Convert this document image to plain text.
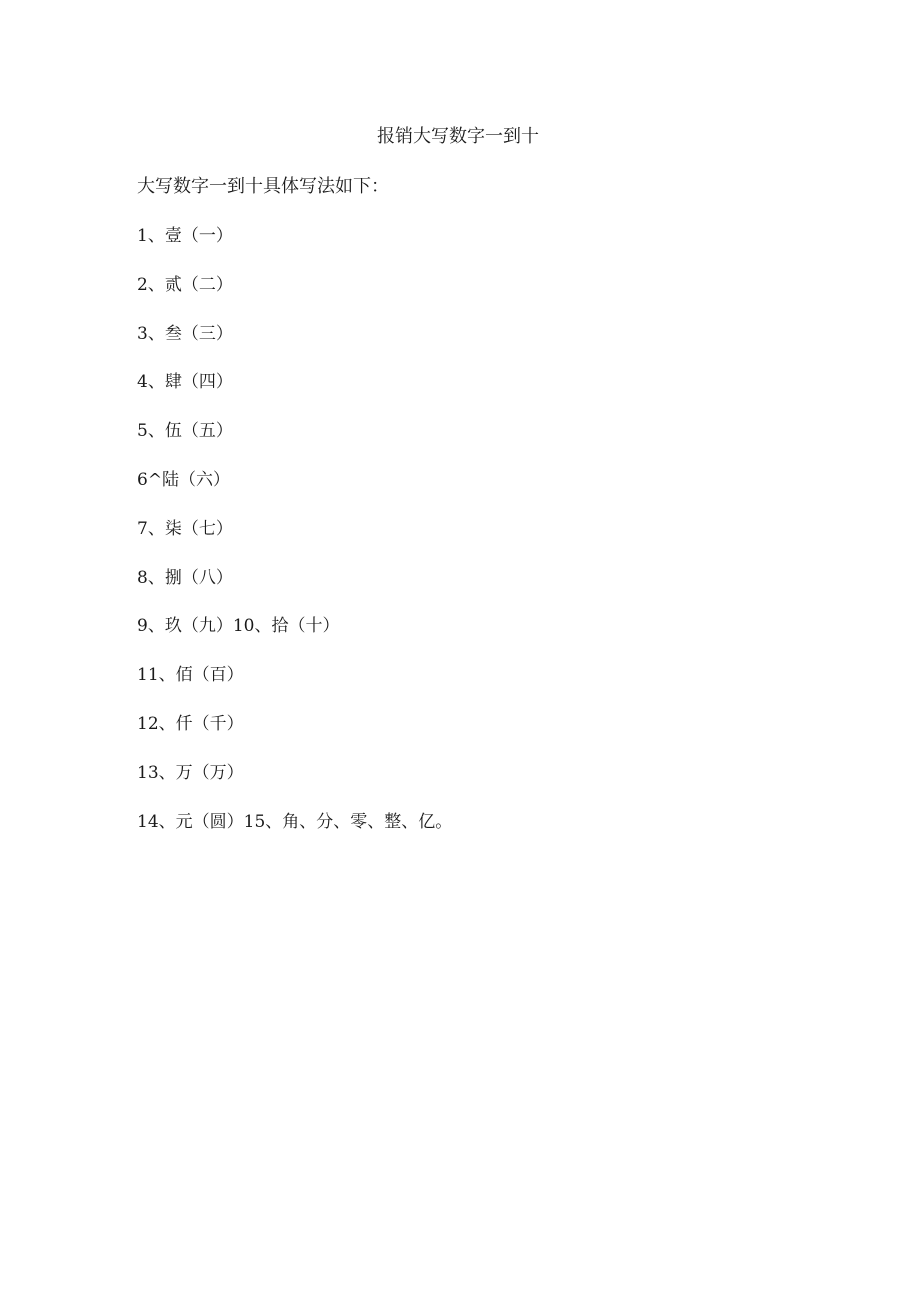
报销大写数字一到十

大写数字一到十具体写法如下：

1、壹（一）
2、贰（二）
3、叁（三）
4、肆（四）
5、伍（五）
6^陆（六）
7、柒（七）
8、捌（八）
9、玖（九）10、拾（十）
11、佰（百）
12、仟（千）
13、万（万）
14、元（圆）15、角、分、零、整、亿。
